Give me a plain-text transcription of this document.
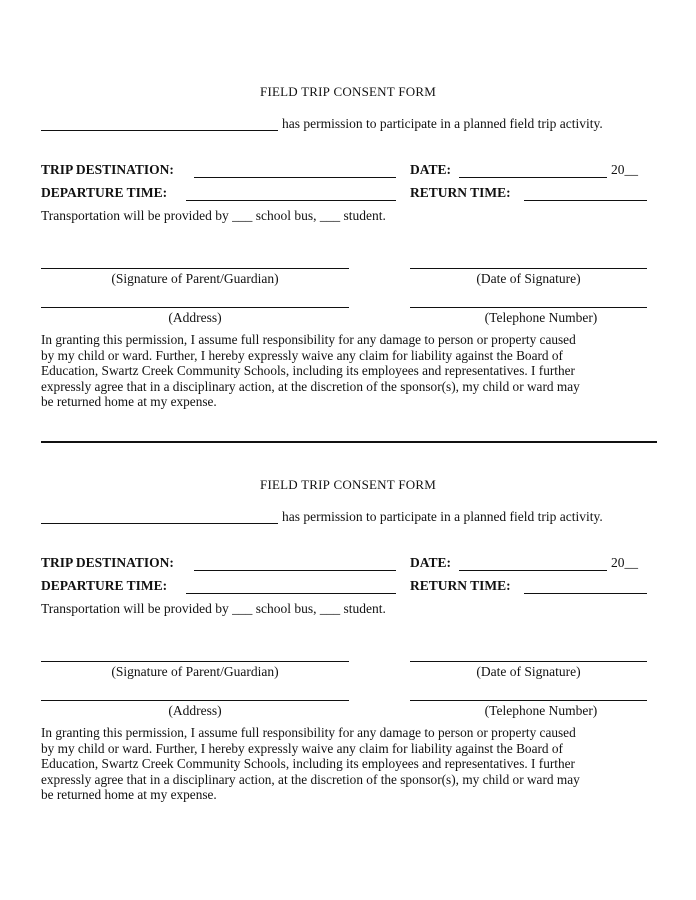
FIELD TRIP CONSENT FORM
has permission to participate in a planned field trip activity.
TRIP DESTINATION:	DATE:	20__
DEPARTURE TIME:	RETURN TIME:
Transportation will be provided by ___ school bus, ___ student.
(Signature of Parent/Guardian)	(Date of Signature)
(Address)	(Telephone Number)
In granting this permission, I assume full responsibility for any damage to person or property caused
by my child or ward. Further, I hereby expressly waive any claim for liability against the Board of
Education, Swartz Creek Community Schools, including its employees and representatives. I further
expressly agree that in a disciplinary action, at the discretion of the sponsor(s), my child or ward may
be returned home at my expense.
FIELD TRIP CONSENT FORM
has permission to participate in a planned field trip activity.
TRIP DESTINATION:	DATE:	20__
DEPARTURE TIME:	RETURN TIME:
Transportation will be provided by ___ school bus, ___ student.
(Signature of Parent/Guardian)	(Date of Signature)
(Address)	(Telephone Number)
In granting this permission, I assume full responsibility for any damage to person or property caused
by my child or ward. Further, I hereby expressly waive any claim for liability against the Board of
Education, Swartz Creek Community Schools, including its employees and representatives. I further
expressly agree that in a disciplinary action, at the discretion of the sponsor(s), my child or ward may
be returned home at my expense.
